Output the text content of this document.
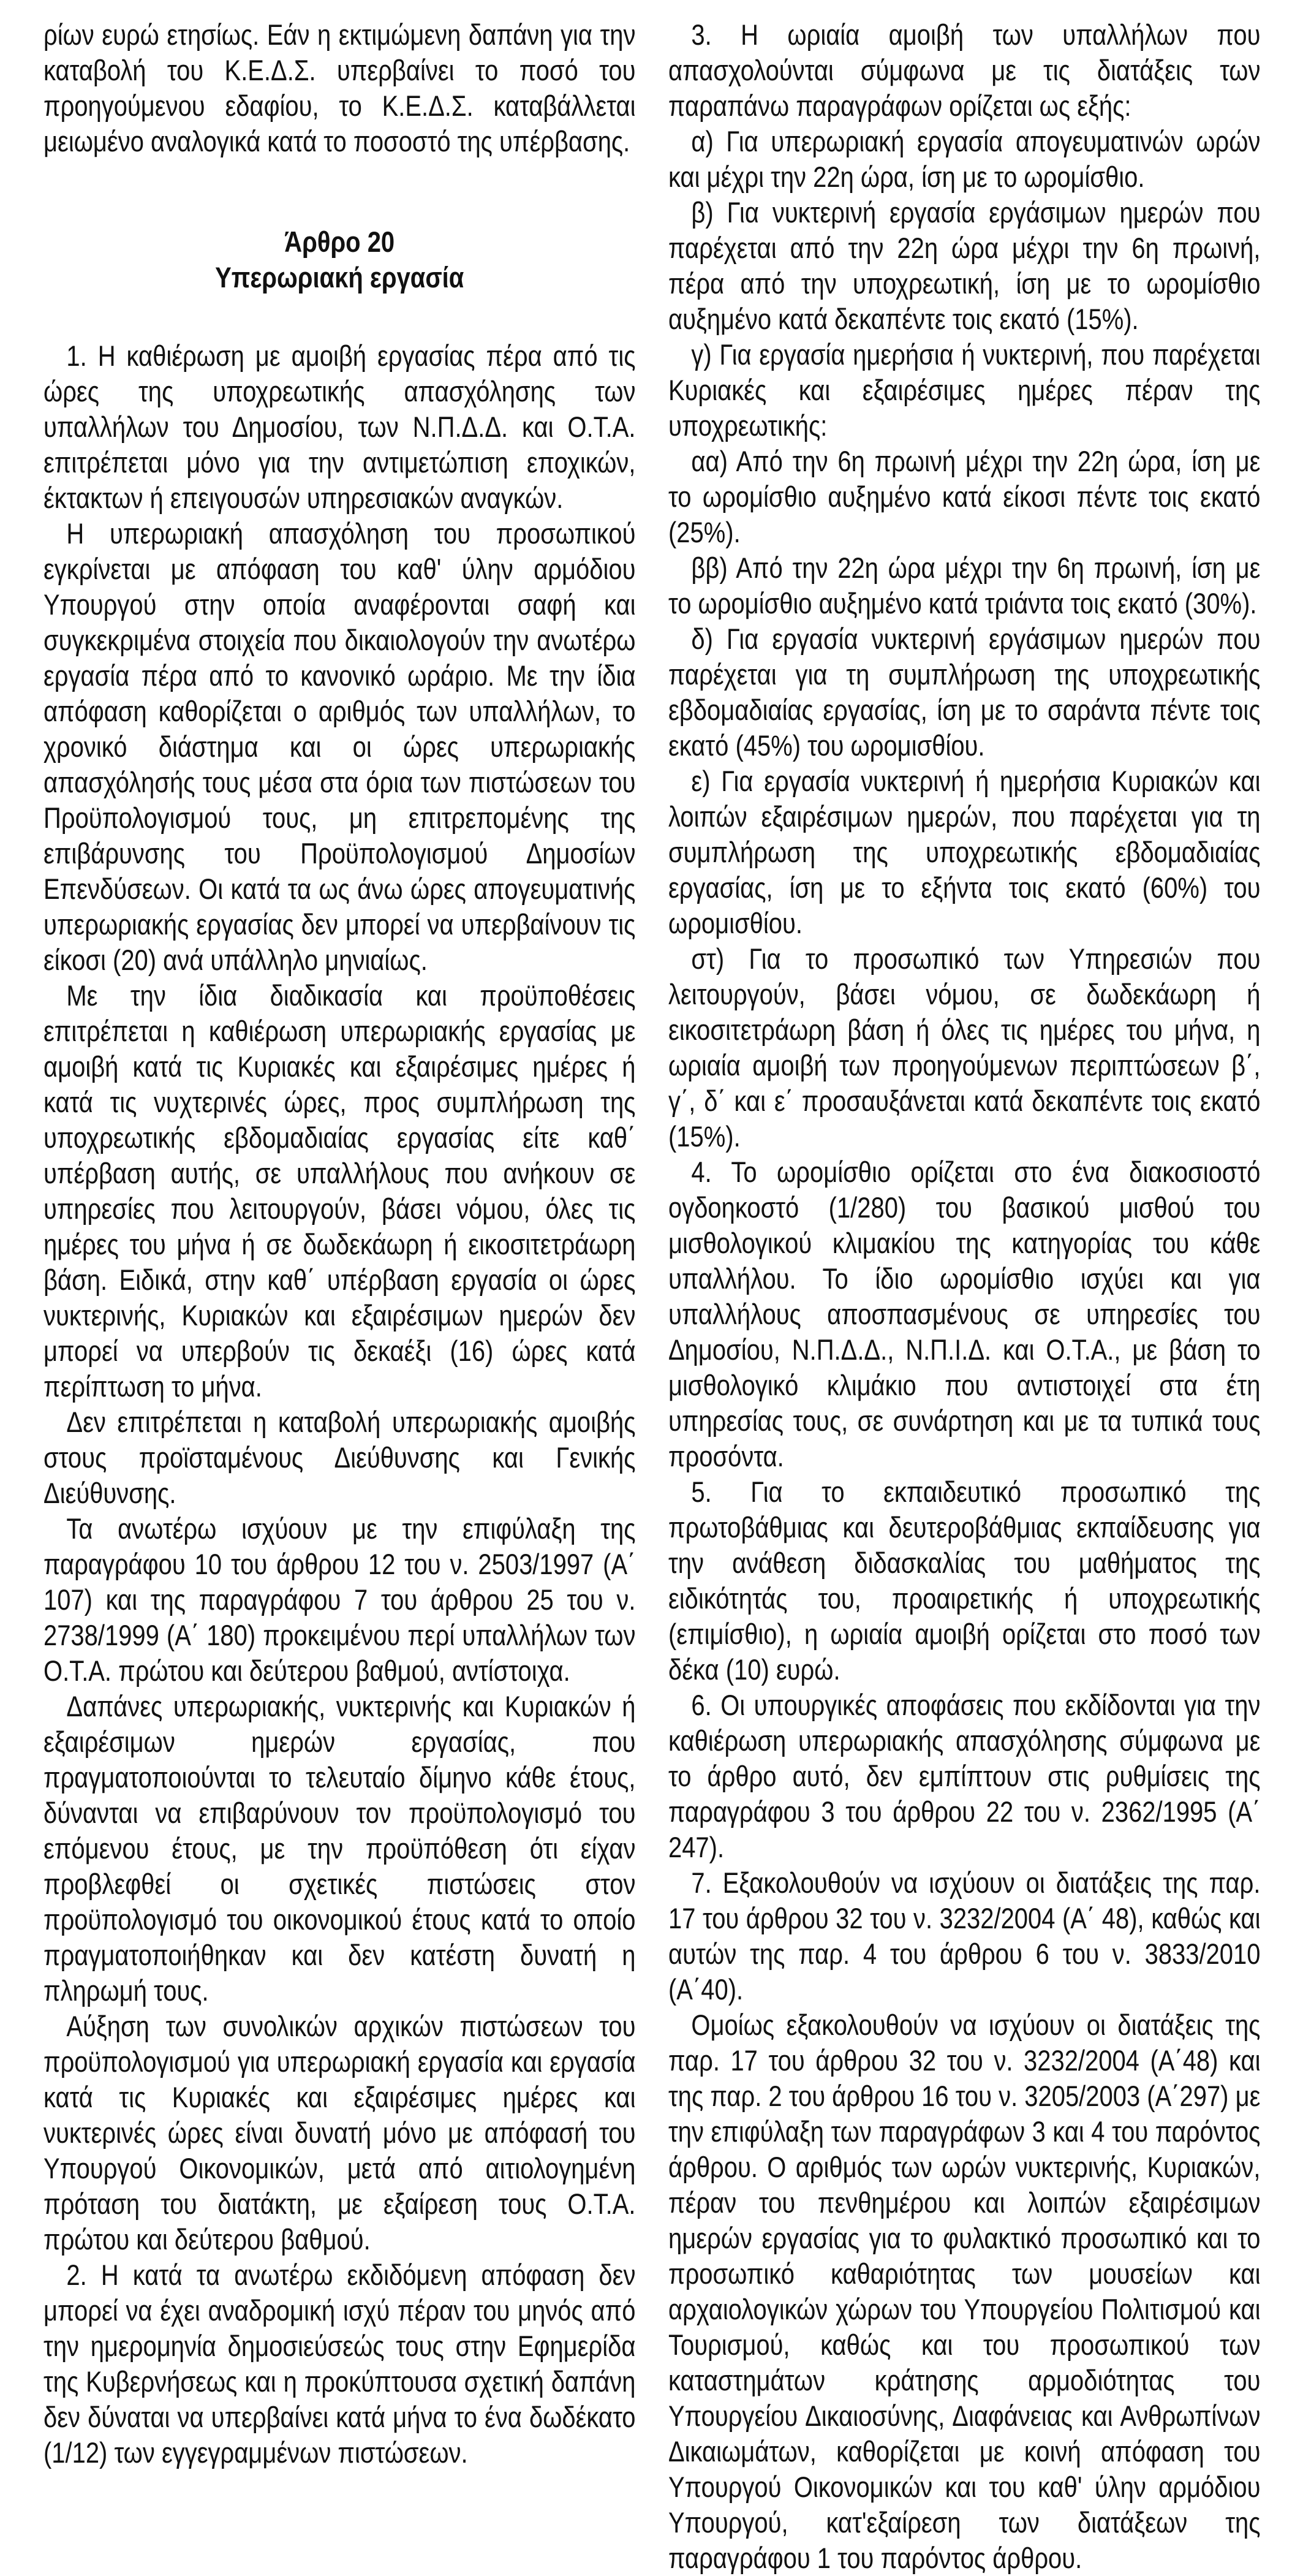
ρίων ευρώ ετησίως. Εάν η εκτιμώμενη δαπάνη για την καταβολή του Κ.Ε.Δ.Σ. υπερβαίνει το ποσό του προηγούμενου εδαφίου, το Κ.Ε.Δ.Σ. καταβάλλεται μειωμένο αναλογικά κατά το ποσοστό της υπέρβασης.

Άρθρο 20

Υπερωριακή εργασία

1. Η καθιέρωση με αμοιβή εργασίας πέρα από τις ώρες της υποχρεωτικής απασχόλησης των υπαλλήλων του Δημοσίου, των Ν.Π.Δ.Δ. και Ο.Τ.Α. επιτρέπεται μόνο για την αντιμετώπιση εποχικών, έκτακτων ή επειγουσών υπηρεσιακών αναγκών.

Η υπερωριακή απασχόληση του προσωπικού εγκρίνεται με απόφαση του καθ' ύλην αρμόδιου Υπουργού στην οποία αναφέρονται σαφή και συγκεκριμένα στοιχεία που δικαιολογούν την ανωτέρω εργασία πέρα από το κανονικό ωράριο. Με την ίδια απόφαση καθορίζεται ο αριθμός των υπαλλήλων, το χρονικό διάστημα και οι ώρες υπερωριακής απασχόλησής τους μέσα στα όρια των πιστώσεων του Προϋπολογισμού τους, μη επιτρεπομένης της επιβάρυνσης του Προϋπολογισμού Δημοσίων Επενδύσεων. Οι κατά τα ως άνω ώρες απογευματινής υπερωριακής εργασίας δεν μπορεί να υπερβαίνουν τις είκοσι (20) ανά υπάλληλο μηνιαίως.

Με την ίδια διαδικασία και προϋποθέσεις επιτρέπεται η καθιέρωση υπερωριακής εργασίας με αμοιβή κατά τις Κυριακές και εξαιρέσιμες ημέρες ή κατά τις νυχτερινές ώρες, προς συμπλήρωση της υποχρεωτικής εβδομαδιαίας εργασίας είτε καθ΄ υπέρβαση αυτής, σε υπαλλήλους που ανήκουν σε υπηρεσίες που λειτουργούν, βάσει νόμου, όλες τις ημέρες του μήνα ή σε δωδεκάωρη ή εικοσιτετράωρη βάση. Ειδικά, στην καθ΄ υπέρβαση εργασία οι ώρες νυκτερινής, Κυριακών και εξαιρέσιμων ημερών δεν μπορεί να υπερβούν τις δεκαέξι (16) ώρες κατά περίπτωση το μήνα.

Δεν επιτρέπεται η καταβολή υπερωριακής αμοιβής στους προϊσταμένους Διεύθυνσης και Γενικής Διεύθυνσης.

Τα ανωτέρω ισχύουν με την επιφύλαξη της παραγράφου 10 του άρθρου 12 του ν. 2503/1997 (Α΄ 107) και της παραγράφου 7 του άρθρου 25 του ν. 2738/1999 (Α΄ 180) προκειμένου περί υπαλλήλων των Ο.Τ.Α. πρώτου και δεύτερου βαθμού, αντίστοιχα.

Δαπάνες υπερωριακής, νυκτερινής και Κυριακών ή εξαιρέσιμων ημερών εργασίας, που πραγματοποιούνται το τελευταίο δίμηνο κάθε έτους, δύνανται να επιβαρύνουν τον προϋπολογισμό του επόμενου έτους, με την προϋπόθεση ότι είχαν προβλεφθεί οι σχετικές πιστώσεις στον προϋπολογισμό του οικονομικού έτους κατά το οποίο πραγματοποιήθηκαν και δεν κατέστη δυνατή η πληρωμή τους.

Αύξηση των συνολικών αρχικών πιστώσεων του προϋπολογισμού για υπερωριακή εργασία και εργασία κατά τις Κυριακές και εξαιρέσιμες ημέρες και νυκτερινές ώρες είναι δυνατή μόνο με απόφασή του Υπουργού Οικονομικών, μετά από αιτιολογημένη πρόταση του διατάκτη, με εξαίρεση τους Ο.Τ.Α. πρώτου και δεύτερου βαθμού.

2. Η κατά τα ανωτέρω εκδιδόμενη απόφαση δεν μπορεί να έχει αναδρομική ισχύ πέραν του μηνός από την ημερομηνία δημοσιεύσεώς τους στην Εφημερίδα της Κυβερνήσεως και η προκύπτουσα σχετική δαπάνη δεν δύναται να υπερβαίνει κατά μήνα το ένα δωδέκατο (1/12) των εγγεγραμμένων πιστώσεων.

3. Η ωριαία αμοιβή των υπαλλήλων που απασχολούνται σύμφωνα με τις διατάξεις των παραπάνω παραγράφων ορίζεται ως εξής:

α) Για υπερωριακή εργασία απογευματινών ωρών και μέχρι την 22η ώρα, ίση με το ωρομίσθιο.

β) Για νυκτερινή εργασία εργάσιμων ημερών που παρέχεται από την 22η ώρα μέχρι την 6η πρωινή, πέρα από την υποχρεωτική, ίση με το ωρομίσθιο αυξημένο κατά δεκαπέντε τοις εκατό (15%).

γ) Για εργασία ημερήσια ή νυκτερινή, που παρέχεται Κυριακές και εξαιρέσιμες ημέρες πέραν της υποχρεωτικής:

αα) Από την 6η πρωινή μέχρι την 22η ώρα, ίση με το ωρομίσθιο αυξημένο κατά είκοσι πέντε τοις εκατό (25%).

ββ) Από την 22η ώρα μέχρι την 6η πρωινή, ίση με το ωρομίσθιο αυξημένο κατά τριάντα τοις εκατό (30%).

δ) Για εργασία νυκτερινή εργάσιμων ημερών που παρέχεται για τη συμπλήρωση της υποχρεωτικής εβδομαδιαίας εργασίας, ίση με το σαράντα πέντε τοις εκατό (45%) του ωρομισθίου.

ε) Για εργασία νυκτερινή ή ημερήσια Κυριακών και λοιπών εξαιρέσιμων ημερών, που παρέχεται για τη συμπλήρωση της υποχρεωτικής εβδομαδιαίας εργασίας, ίση με το εξήντα τοις εκατό (60%) του ωρομισθίου.

στ) Για το προσωπικό των Υπηρεσιών που λειτουργούν, βάσει νόμου, σε δωδεκάωρη ή εικοσιτετράωρη βάση ή όλες τις ημέρες του μήνα, η ωριαία αμοιβή των προηγούμενων περιπτώσεων β΄, γ΄, δ΄ και ε΄ προσαυξάνεται κατά δεκαπέντε τοις εκατό (15%).

4. Το ωρομίσθιο ορίζεται στο ένα διακοσιοστό ογδοηκοστό (1/280) του βασικού μισθού του μισθολογικού κλιμακίου της κατηγορίας του κάθε υπαλλήλου. Το ίδιο ωρομίσθιο ισχύει και για υπαλλήλους αποσπασμένους σε υπηρεσίες του Δημοσίου, Ν.Π.Δ.Δ., Ν.Π.Ι.Δ. και Ο.Τ.Α., με βάση το μισθολογικό κλιμάκιο που αντιστοιχεί στα έτη υπηρεσίας τους, σε συνάρτηση και με τα τυπικά τους προσόντα.

5. Για το εκπαιδευτικό προσωπικό της πρωτοβάθμιας και δευτεροβάθμιας εκπαίδευσης για την ανάθεση διδασκαλίας του μαθήματος της ειδικότητάς του, προαιρετικής ή υποχρεωτικής (επιμίσθιο), η ωριαία αμοιβή ορίζεται στο ποσό των δέκα (10) ευρώ.

6. Οι υπουργικές αποφάσεις που εκδίδονται για την καθιέρωση υπερωριακής απασχόλησης σύμφωνα με το άρθρο αυτό, δεν εμπίπτουν στις ρυθμίσεις της παραγράφου 3 του άρθρου 22 του ν. 2362/1995 (Α΄ 247).

7. Εξακολουθούν να ισχύουν οι διατάξεις της παρ. 17 του άρθρου 32 του ν. 3232/2004 (Α΄ 48), καθώς και αυτών της παρ. 4 του άρθρου 6 του ν. 3833/2010 (Α΄40).

Ομοίως εξακολουθούν να ισχύουν οι διατάξεις της παρ. 17 του άρθρου 32 του ν. 3232/2004 (Α΄48) και της παρ. 2 του άρθρου 16 του ν. 3205/2003 (Α΄297) με την επιφύλαξη των παραγράφων 3 και 4 του παρόντος άρθρου. Ο αριθμός των ωρών νυκτερινής, Κυριακών, πέραν του πενθημέρου και λοιπών εξαιρέσιμων ημερών εργασίας για το φυλακτικό προσωπικό και το προσωπικό καθαριότητας των μουσείων και αρχαιολογικών χώρων του Υπουργείου Πολιτισμού και Τουρισμού, καθώς και του προσωπικού των καταστημάτων κράτησης αρμοδιότητας του Υπουργείου Δικαιοσύνης, Διαφάνειας και Ανθρωπίνων Δικαιωμάτων, καθορίζεται με κοινή απόφαση του Υπουργού Οικονομικών και του καθ' ύλην αρμόδιου Υπουργού, κατ'εξαίρεση των διατάξεων της παραγράφου 1 του παρόντος άρθρου.
